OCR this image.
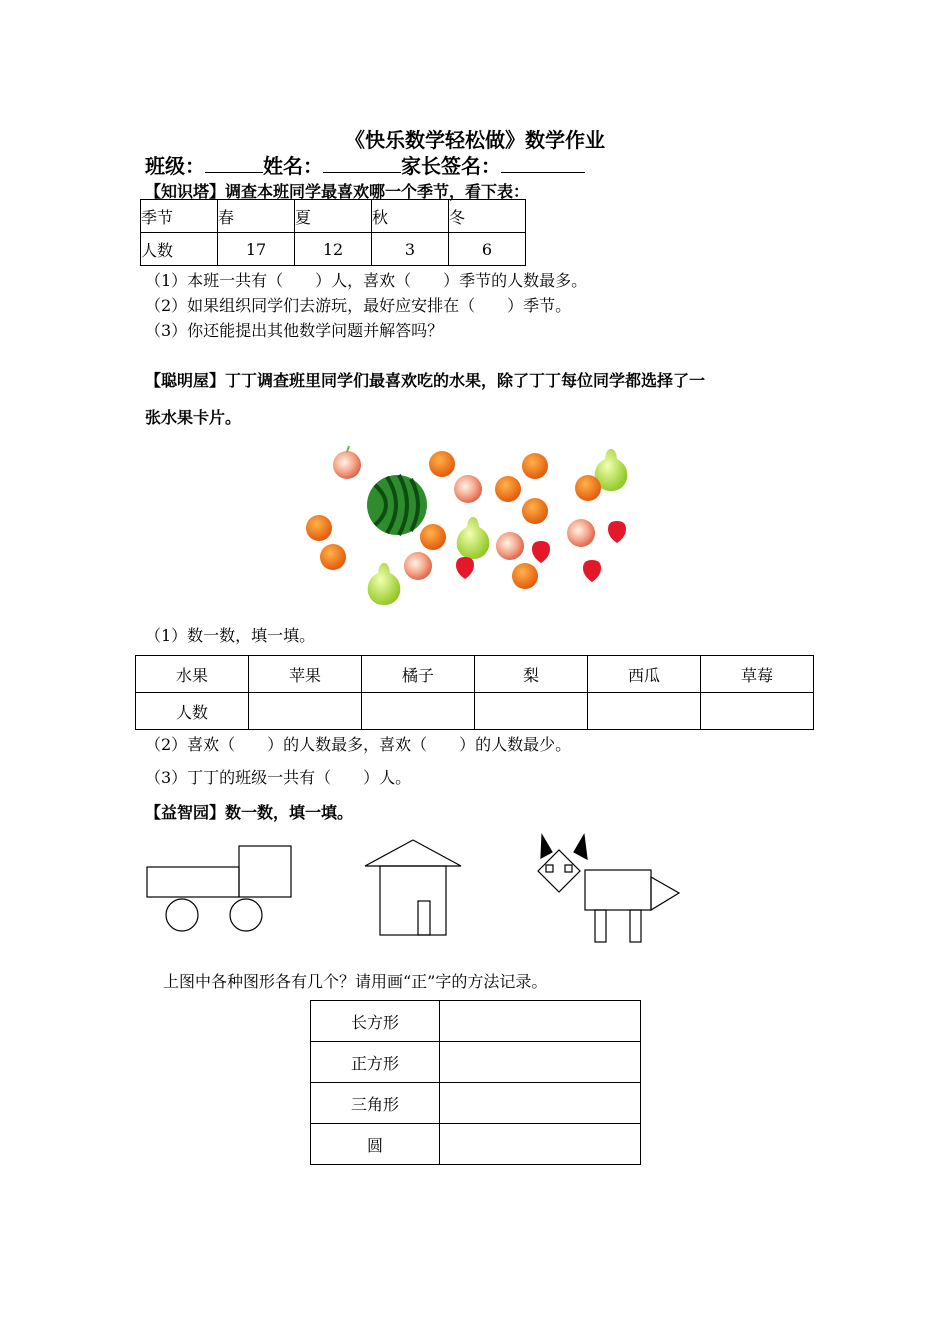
《快乐数学轻松做》数学作业
班级：	姓名：	家长签名：
【知识塔】调查本班同学最喜欢哪一个季节，看下表：
季节	春	夏	秋	冬
人数	17	12	3	6
（1）本班一共有（　　）人，喜欢（　　）季节的人数最多。
（2）如果组织同学们去游玩，最好应安排在（　　）季节。
（3）你还能提出其他数学问题并解答吗？
【聪明屋】丁丁调查班里同学们最喜欢吃的水果，除了丁丁每位同学都选择了一
张水果卡片。
（1）数一数，填一填。
水果	苹果	橘子	梨	西瓜	草莓
人数					
（2）喜欢（　　）的人数最多，喜欢（　　）的人数最少。
（3）丁丁的班级一共有（　　）人。
【益智园】数一数，填一填。
上图中各种图形各有几个？请用画“正”字的方法记录。
长方形	
正方形	
三角形	
圆	
